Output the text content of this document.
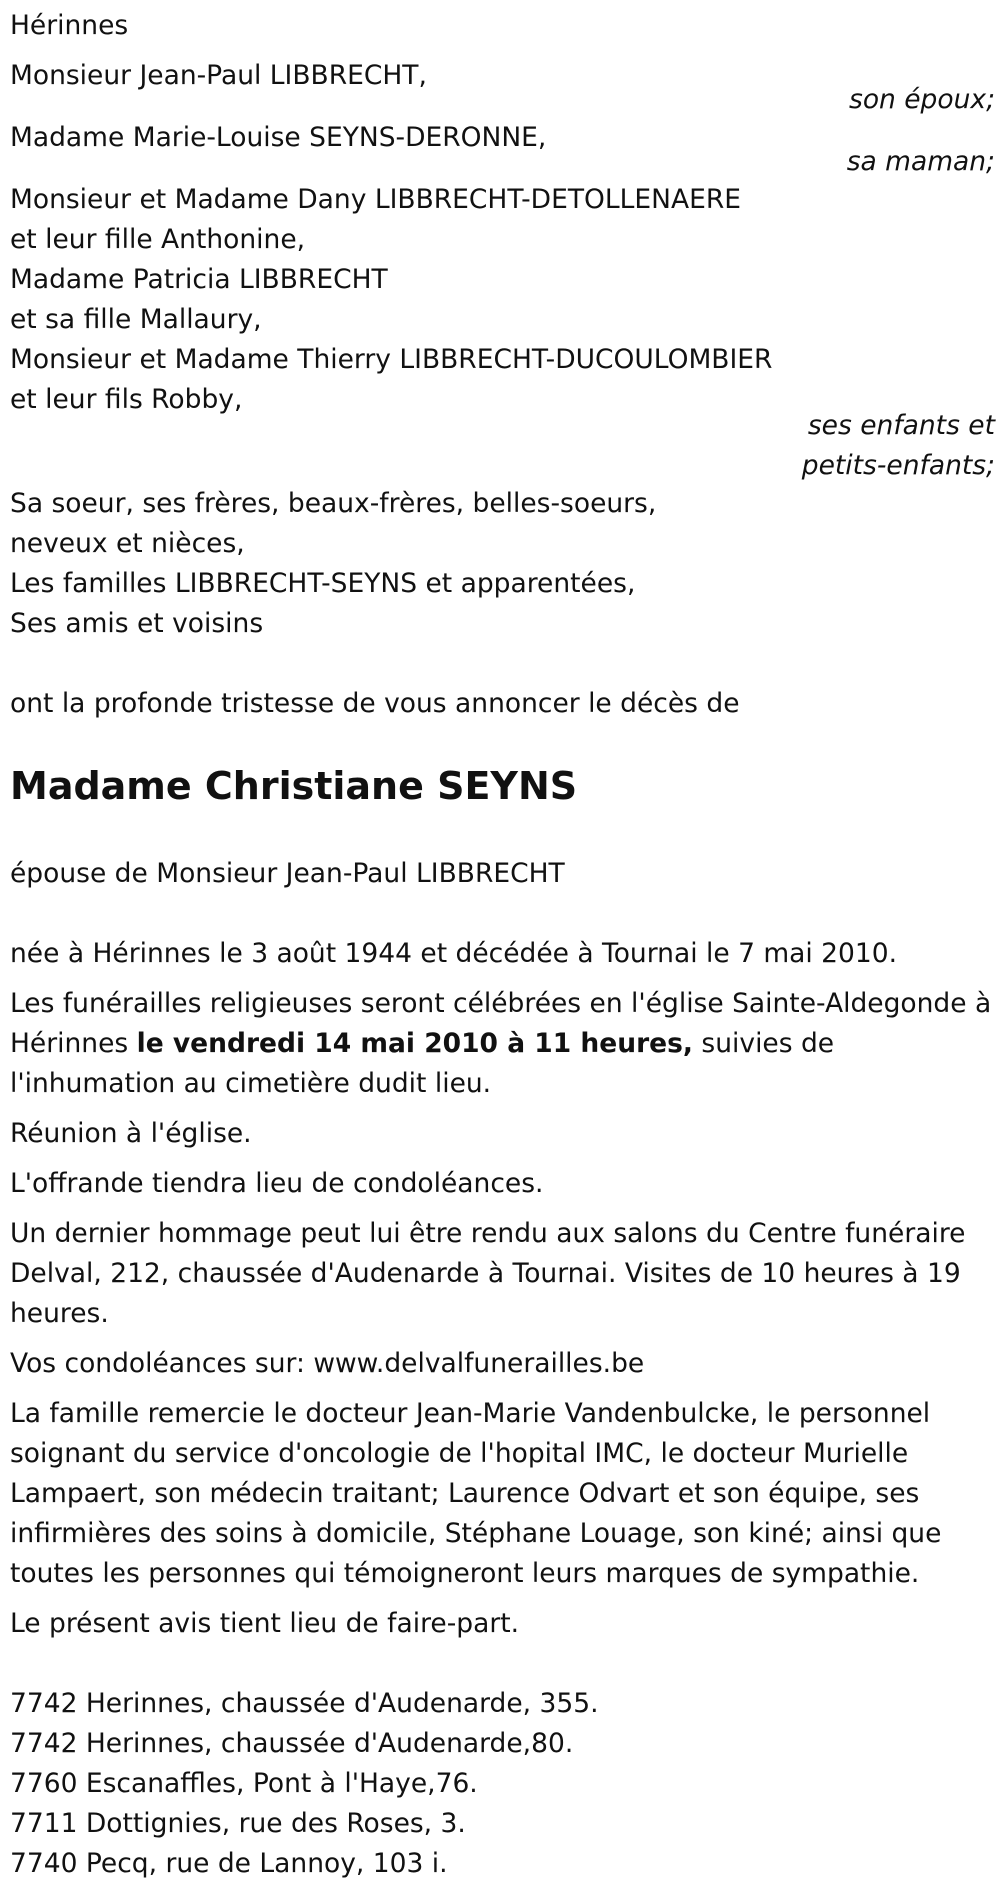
Hérinnes
Monsieur Jean-Paul LIBBRECHT,
son époux;
Madame Marie-Louise SEYNS-DERONNE,
sa maman;
Monsieur et Madame Dany LIBBRECHT-DETOLLENAERE
et leur fille Anthonine,
Madame Patricia LIBBRECHT
et sa fille Mallaury,
Monsieur et Madame Thierry LIBBRECHT-DUCOULOMBIER
et leur fils Robby,
ses enfants et
petits-enfants;
Sa soeur, ses frères, beaux-frères, belles-soeurs,
neveux et nièces,
Les familles LIBBRECHT-SEYNS et apparentées,
Ses amis et voisins
ont la profonde tristesse de vous annoncer le décès de
Madame Christiane SEYNS
épouse de Monsieur Jean-Paul LIBBRECHT
née à Hérinnes le 3 août 1944 et décédée à Tournai le 7 mai 2010.

Les funérailles religieuses seront célébrées en l'église Sainte-Aldegonde à Hérinnes le vendredi 14 mai 2010 à 11 heures, suivies de l'inhumation au cimetière dudit lieu.

Réunion à l'église.
L'offrande tiendra lieu de condoléances.

Un dernier hommage peut lui être rendu aux salons du Centre funéraire Delval, 212, chaussée d'Audenarde à Tournai. Visites de 10 heures à 19 heures.

Vos condoléances sur: www.delvalfunerailles.be

La famille remercie le docteur Jean-Marie Vandenbulcke, le personnel soignant du service d'oncologie de l'hopital IMC, le docteur Murielle Lampaert, son médecin traitant; Laurence Odvart et son équipe, ses infirmières des soins à domicile, Stéphane Louage, son kiné; ainsi que toutes les personnes qui témoigneront leurs marques de sympathie.

Le présent avis tient lieu de faire-part.
7742 Herinnes, chaussée d'Audenarde, 355.
7742 Herinnes, chaussée d'Audenarde,80.
7760 Escanaffles, Pont à l'Haye,76.
7711 Dottignies, rue des Roses, 3.
7740 Pecq, rue de Lannoy, 103 i.
